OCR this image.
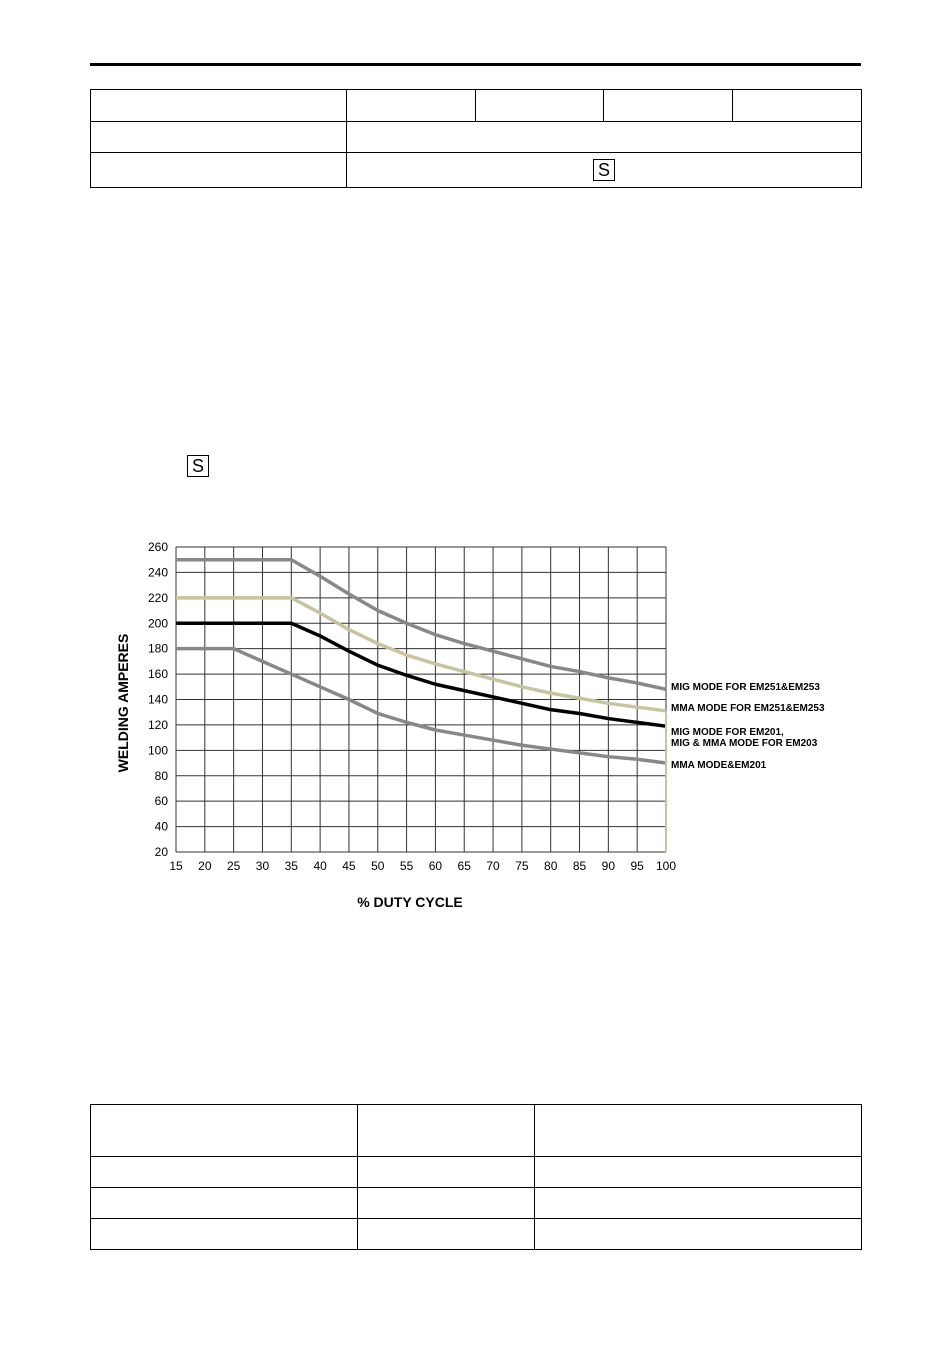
	S			
S
15 20 25 30 35 40 45 50 55 60 65 70 75 80 85 90 95 100
20
40
60
80
100
120
140
160
180
200
220
240
260
MIG MODE FOR EM251&EM253
MMA MODE FOR EM251&EM253
MIG MODE FOR EM201,
MIG & MMA MODE FOR EM203
MMA MODE&EM201
% DUTY CYCLE
WELDING AMPERES
